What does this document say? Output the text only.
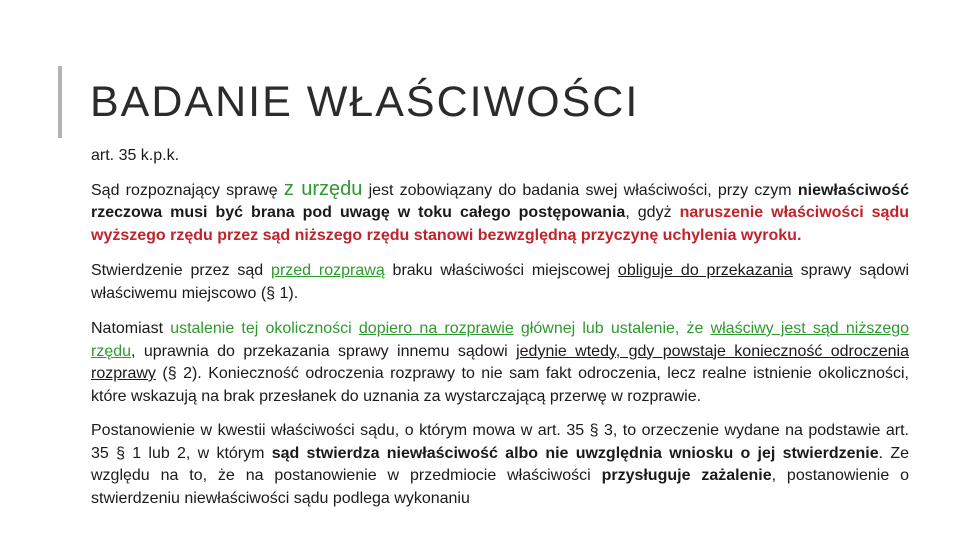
BADANIE WŁAŚCIWOŚCI

art. 35 k.p.k.

Sąd rozpoznający sprawę z urzędu jest zobowiązany do badania swej właściwości, przy czym niewłaściwość rzeczowa musi być brana pod uwagę w toku całego postępowania, gdyż naruszenie właściwości sądu wyższego rzędu przez sąd niższego rzędu stanowi bezwzględną przyczynę uchylenia wyroku.

Stwierdzenie przez sąd przed rozprawą braku właściwości miejscowej obliguje do przekazania sprawy sądowi właściwemu miejscowo (§ 1).

Natomiast ustalenie tej okoliczności dopiero na rozprawie głównej lub ustalenie, że właściwy jest sąd niższego rzędu, uprawnia do przekazania sprawy innemu sądowi jedynie wtedy, gdy powstaje konieczność odroczenia rozprawy (§ 2). Konieczność odroczenia rozprawy to nie sam fakt odroczenia, lecz realne istnienie okoliczności, które wskazują na brak przesłanek do uznania za wystarczającą przerwę w rozprawie.

Postanowienie w kwestii właściwości sądu, o którym mowa w art. 35 § 3, to orzeczenie wydane na podstawie art. 35 § 1 lub 2, w którym sąd stwierdza niewłaściwość albo nie uwzględnia wniosku o jej stwierdzenie. Ze względu na to, że na postanowienie w przedmiocie właściwości przysługuje zażalenie, postanowienie o stwierdzeniu niewłaściwości sądu podlega wykonaniu
